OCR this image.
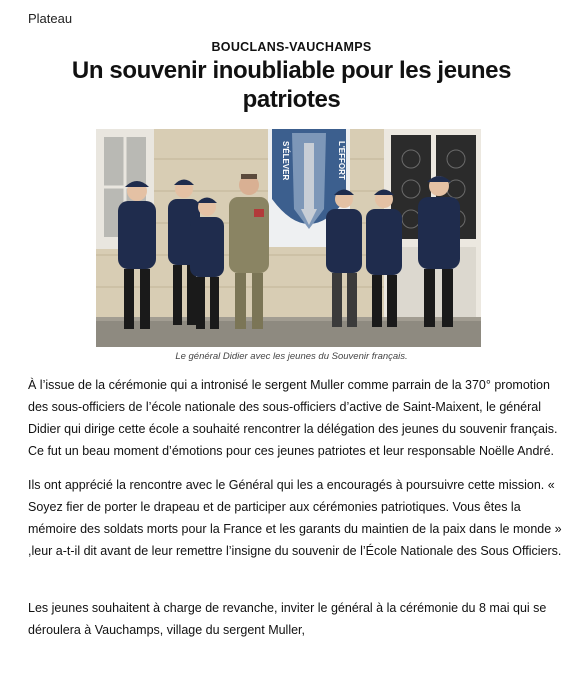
Plateau
BOUCLANS-VAUCHAMPS
Un souvenir inoubliable pour les jeunes patriotes
S'ÉLEVER	L'EFFORT
Le général Didier avec les jeunes du Souvenir français.
À l’issue de la cérémonie qui a intronisé le sergent Muller comme parrain de la 370° promotion des sous-officiers de l’école nationale des sous-officiers d’active de Saint-Maixent, le général Didier qui dirige cette école a souhaité rencontrer la délégation des jeunes du souvenir français. Ce fut un beau moment d’émotions pour ces jeunes patriotes et leur responsable Noëlle André.
Ils ont apprécié la rencontre avec le Général qui les a encouragés à poursuivre cette mission. « Soyez fier de porter le drapeau et de participer aux cérémonies patriotiques. Vous êtes la mémoire des soldats morts pour la France et les garants du maintien de la paix dans le monde » ,leur a-t-il dit avant de leur remettre l’insigne du souvenir de l’École Nationale des Sous Officiers.
Les jeunes souhaitent à charge de revanche, inviter le général à la cérémonie du 8 mai qui se déroulera à Vauchamps, village du sergent Muller,
